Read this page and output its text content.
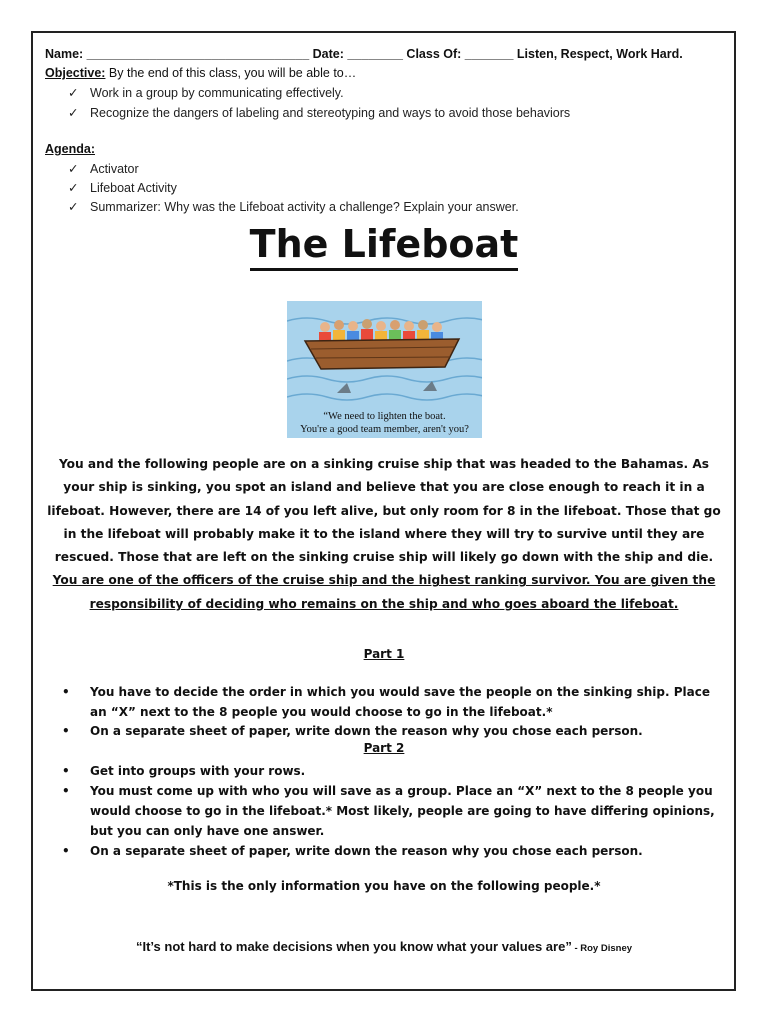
Name: ________________________________ Date: ________ Class Of: _______ Listen, Respect, Work Hard.
Objective: By the end of this class, you will be able to…
✓ Work in a group by communicating effectively.
✓ Recognize the dangers of labeling and stereotyping and ways to avoid those behaviors
Agenda:
✓ Activator
✓ Lifeboat Activity
✓ Summarizer: Why was the Lifeboat activity a challenge? Explain your answer.
The Lifeboat
“We need to lighten the boat.
You're a good team member, aren't you?
You and the following people are on a sinking cruise ship that was headed to the Bahamas. As your ship is sinking, you spot an island and believe that you are close enough to reach it in a lifeboat. However, there are 14 of you left alive, but only room for 8 in the lifeboat. Those that go in the lifeboat will probably make it to the island where they will try to survive until they are rescued. Those that are left on the sinking cruise ship will likely go down with the ship and die. You are one of the officers of the cruise ship and the highest ranking survivor. You are given the responsibility of deciding who remains on the ship and who goes aboard the lifeboat.
Part 1
• You have to decide the order in which you would save the people on the sinking ship. Place an “X” next to the 8 people you would choose to go in the lifeboat.*
• On a separate sheet of paper, write down the reason why you chose each person.
Part 2
• Get into groups with your rows.
• You must come up with who you will save as a group. Place an “X” next to the 8 people you would choose to go in the lifeboat.* Most likely, people are going to have differing opinions, but you can only have one answer.
• On a separate sheet of paper, write down the reason why you chose each person.
*This is the only information you have on the following people.*
“It’s not hard to make decisions when you know what your values are” - Roy Disney
